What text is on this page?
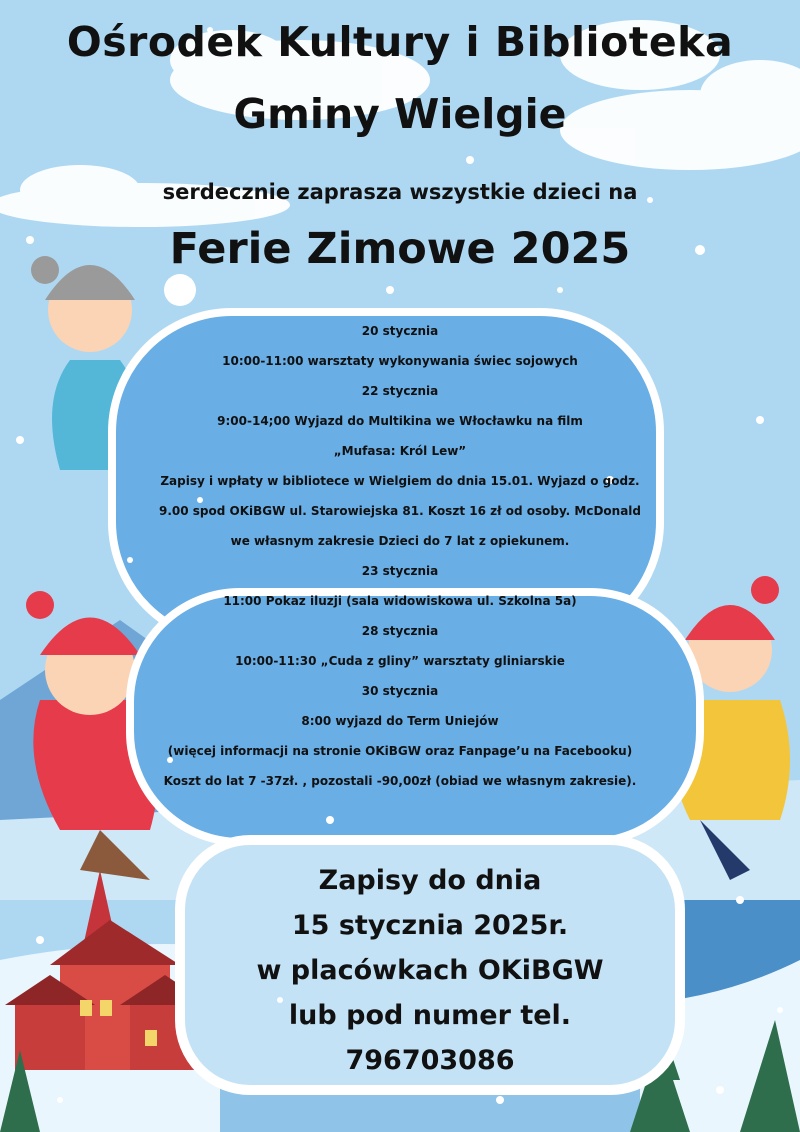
Ośrodek Kultury i Biblioteka
Gminy Wielgie
serdecznie zaprasza wszystkie dzieci na
Ferie Zimowe 2025
20 stycznia
10:00-11:00 warsztaty wykonywania świec sojowych
22 stycznia
9:00-14;00 Wyjazd do Multikina we Włocławku na film
„Mufasa: Król Lew”
Zapisy i wpłaty w bibliotece w Wielgiem do dnia 15.01. Wyjazd o godz.
9.00 spod OKiBGW ul. Starowiejska 81. Koszt 16 zł od osoby. McDonald
we własnym zakresie Dzieci do 7 lat z opiekunem.
23 stycznia
11:00 Pokaz iluzji (sala widowiskowa ul. Szkolna 5a)
28 stycznia
10:00-11:30 „Cuda z gliny” warsztaty gliniarskie
30 stycznia
8:00 wyjazd do Term Uniejów
(więcej informacji na stronie OKiBGW oraz Fanpage’u na Facebooku)
Koszt do lat 7 -37zł. , pozostali -90,00zł (obiad we własnym zakresie).
Zapisy do dnia
15 stycznia 2025r.
w placówkach OKiBGW
lub pod numer tel.
796703086
